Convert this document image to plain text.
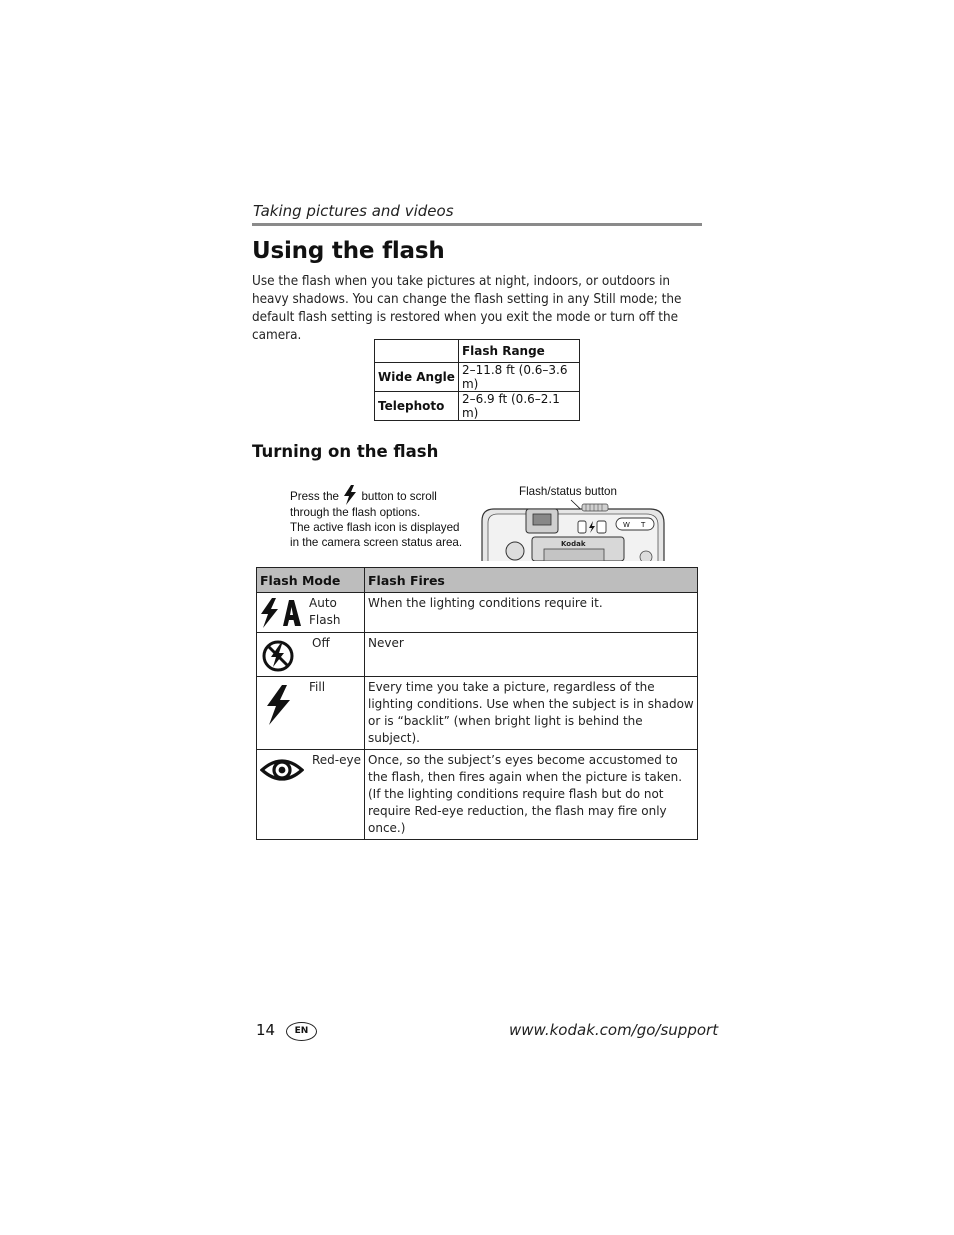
Taking pictures and videos
Using the flash

Use the flash when you take pictures at night, indoors, or outdoors in heavy shadows. You can change the flash setting in any Still mode; the default flash setting is restored when you exit the mode or turn off the camera.

	Flash Range
Wide Angle	2–11.8 ft (0.6–3.6 m)
Telephoto	2–6.9 ft (0.6–2.1 m)
Turning on the flash
Press the button to scroll
through the flash options.
The active flash icon is displayed
in the camera screen status area.
Flash/status button
W T
Kodak
Flash Mode	Flash Fires

Auto
Flash	When the lighting conditions require it.

Off	Never

Fill	Every time you take a picture, regardless of the lighting conditions. Use when the subject is in shadow or is “backlit” (when bright light is behind the subject).

Red-eye	Once, so the subject’s eyes become accustomed to the flash, then fires again when the picture is taken. (If the lighting conditions require flash but do not require Red-eye reduction, the flash may fire only once.)
14	EN	www.kodak.com/go/support
